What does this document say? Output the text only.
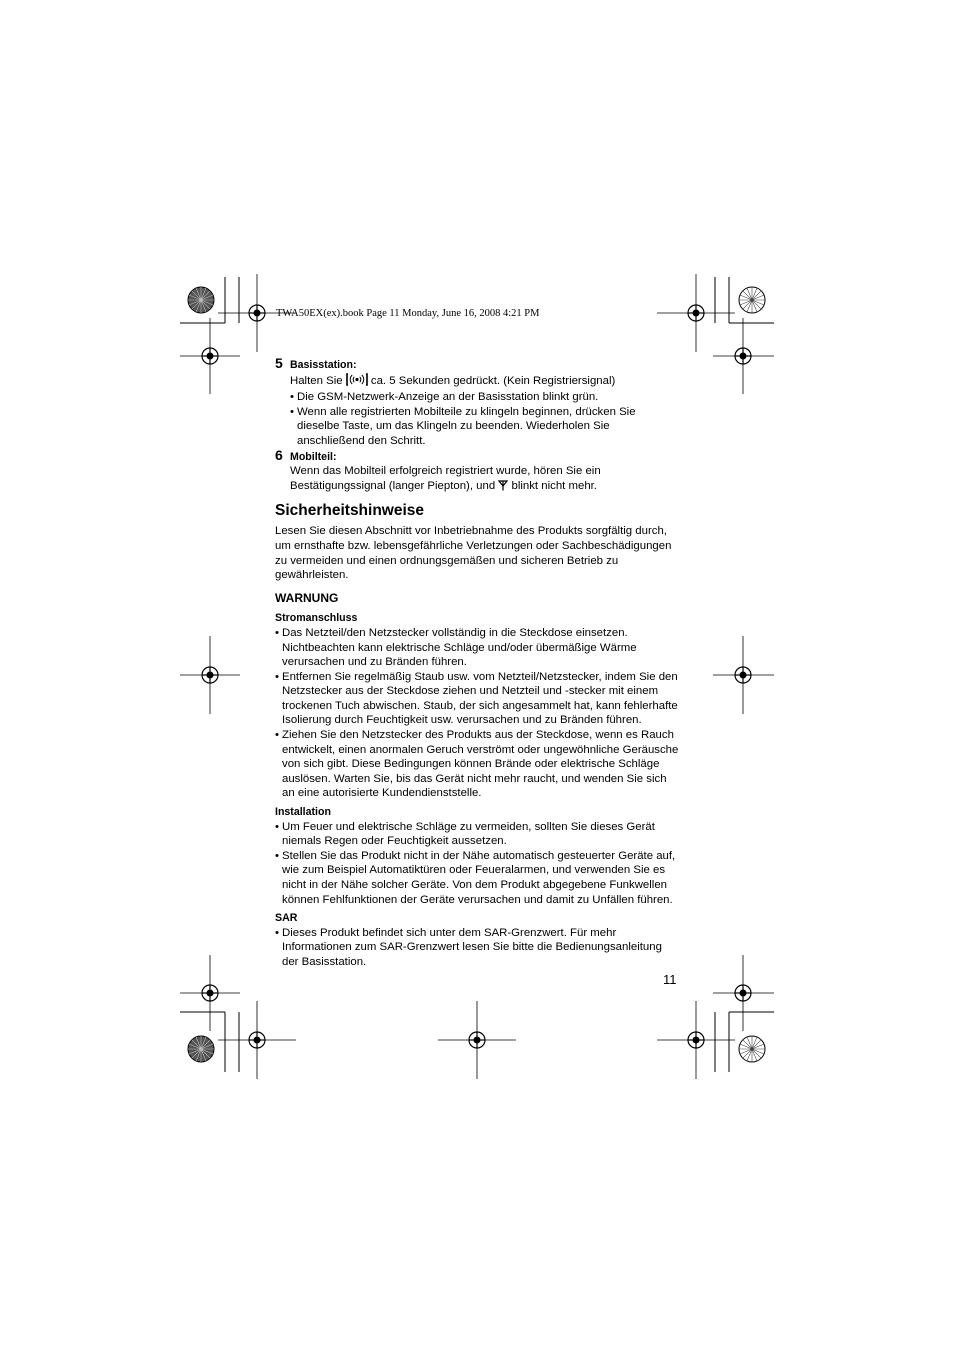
TWA50EX(ex).book Page 11 Monday, June 16, 2008 4:21 PM
5 Basisstation:
Halten Sie  ca. 5 Sekunden gedrückt. (Kein Registriersignal)
• Die GSM-Netzwerk-Anzeige an der Basisstation blinkt grün.
• Wenn alle registrierten Mobilteile zu klingeln beginnen, drücken Sie dieselbe Taste, um das Klingeln zu beenden. Wiederholen Sie anschließend den Schritt.
6 Mobilteil:
Wenn das Mobilteil erfolgreich registriert wurde, hören Sie ein Bestätigungssignal (langer Piepton), und  blinkt nicht mehr.
Sicherheitshinweise
Lesen Sie diesen Abschnitt vor Inbetriebnahme des Produkts sorgfältig durch, um ernsthafte bzw. lebensgefährliche Verletzungen oder Sachbeschädigungen zu vermeiden und einen ordnungsgemäßen und sicheren Betrieb zu gewährleisten.
WARNUNG
Stromanschluss
• Das Netzteil/den Netzstecker vollständig in die Steckdose einsetzen. Nichtbeachten kann elektrische Schläge und/oder übermäßige Wärme verursachen und zu Bränden führen.
• Entfernen Sie regelmäßig Staub usw. vom Netzteil/Netzstecker, indem Sie den Netzstecker aus der Steckdose ziehen und Netzteil und -stecker mit einem trockenen Tuch abwischen. Staub, der sich angesammelt hat, kann fehlerhafte Isolierung durch Feuchtigkeit usw. verursachen und zu Bränden führen.
• Ziehen Sie den Netzstecker des Produkts aus der Steckdose, wenn es Rauch entwickelt, einen anormalen Geruch verströmt oder ungewöhnliche Geräusche von sich gibt. Diese Bedingungen können Brände oder elektrische Schläge auslösen. Warten Sie, bis das Gerät nicht mehr raucht, und wenden Sie sich an eine autorisierte Kundendienststelle.
Installation
• Um Feuer und elektrische Schläge zu vermeiden, sollten Sie dieses Gerät niemals Regen oder Feuchtigkeit aussetzen.
• Stellen Sie das Produkt nicht in der Nähe automatisch gesteuerter Geräte auf, wie zum Beispiel Automatiktüren oder Feueralarmen, und verwenden Sie es nicht in der Nähe solcher Geräte. Von dem Produkt abgegebene Funkwellen können Fehlfunktionen der Geräte verursachen und damit zu Unfällen führen.
SAR
• Dieses Produkt befindet sich unter dem SAR-Grenzwert. Für mehr Informationen zum SAR-Grenzwert lesen Sie bitte die Bedienungsanleitung der Basisstation.
11
